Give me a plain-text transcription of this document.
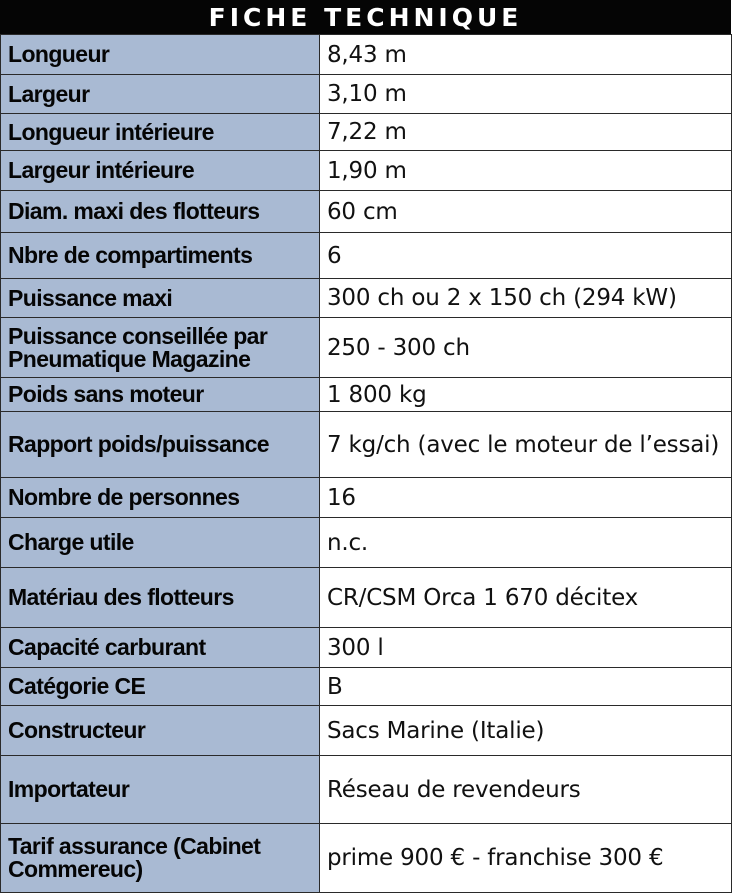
FICHE TECHNIQUE
Longueur	8,43 m
Largeur	3,10 m
Longueur intérieure	7,22 m
Largeur intérieure	1,90 m
Diam. maxi des flotteurs	60 cm
Nbre de compartiments	6
Puissance maxi	300 ch ou 2 x 150 ch (294 kW)
Puissance conseillée par Pneumatique Magazine	250 - 300 ch
Poids sans moteur	1 800 kg
Rapport poids/puissance	7 kg/ch (avec le moteur de l’essai)
Nombre de personnes	16
Charge utile	n.c.
Matériau des flotteurs	CR/CSM Orca 1 670 décitex
Capacité carburant	300 l
Catégorie CE	B
Constructeur	Sacs Marine (Italie)
Importateur	Réseau de revendeurs
Tarif assurance (Cabinet Commereuc)	prime 900 € - franchise 300 €
